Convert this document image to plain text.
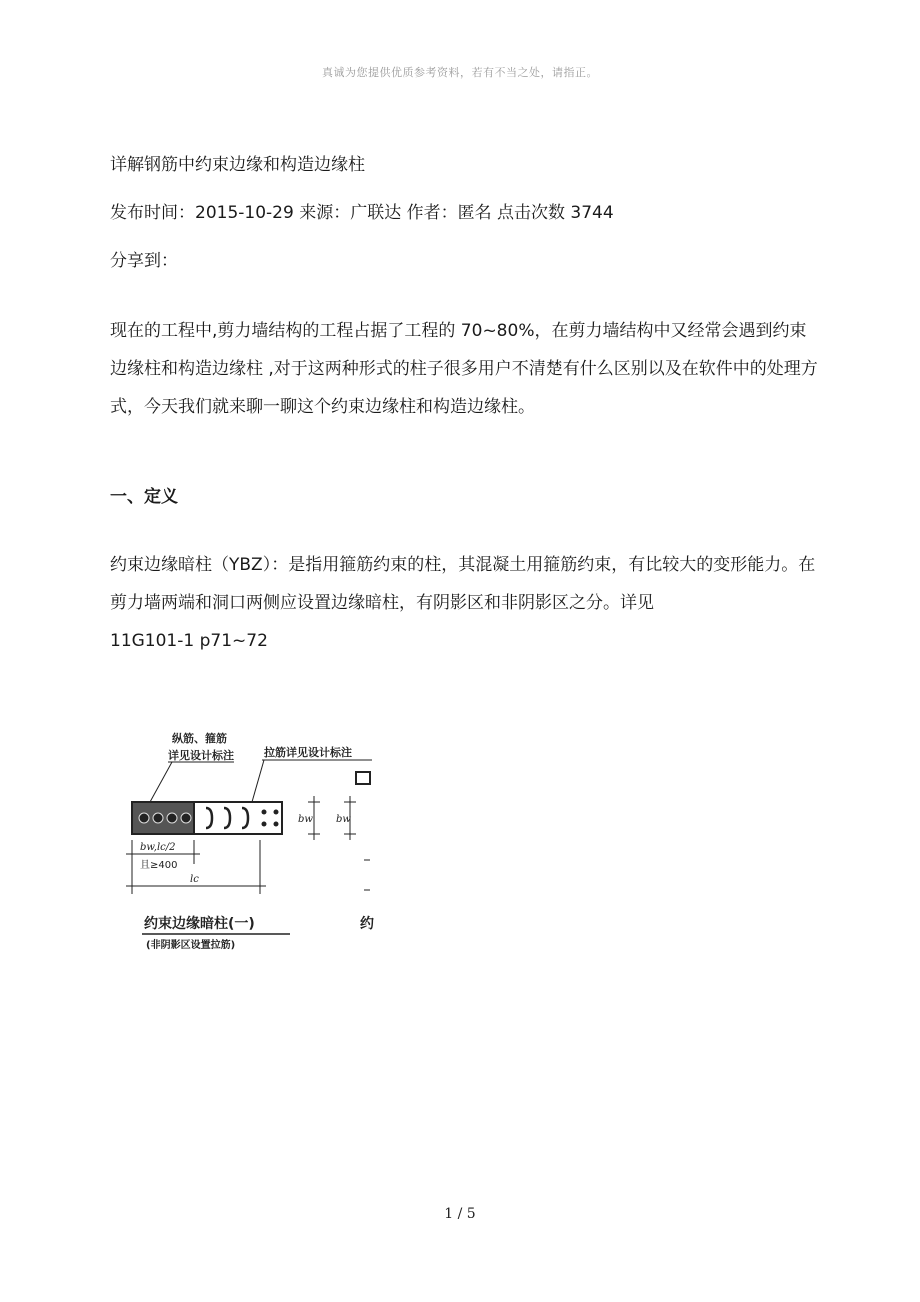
真诚为您提供优质参考资料，若有不当之处，请指正。
详解钢筋中约束边缘和构造边缘柱
发布时间：2015-10-29 来源：广联达 作者：匿名 点击次数 3744
分享到：
现在的工程中,剪力墙结构的工程占据了工程的 70~80%，在剪力墙结构中又经常会遇到约束边缘柱和构造边缘柱 ,对于这两种形式的柱子很多用户不清楚有什么区别以及在软件中的处理方式，今天我们就来聊一聊这个约束边缘柱和构造边缘柱。
一、定义
约束边缘暗柱（YBZ）：是指用箍筋约束的柱，其混凝土用箍筋约束，有比较大的变形能力。在剪力墙两端和洞口两侧应设置边缘暗柱，有阴影区和非阴影区之分。详见
11G101-1 p71~72
纵筋、箍筋
详见设计标注	拉筋详见设计标注
bw bw
bw,lc/2
且≥400
lc
约束边缘暗柱(一)
(非阴影区设置拉筋)
约
1 / 5
